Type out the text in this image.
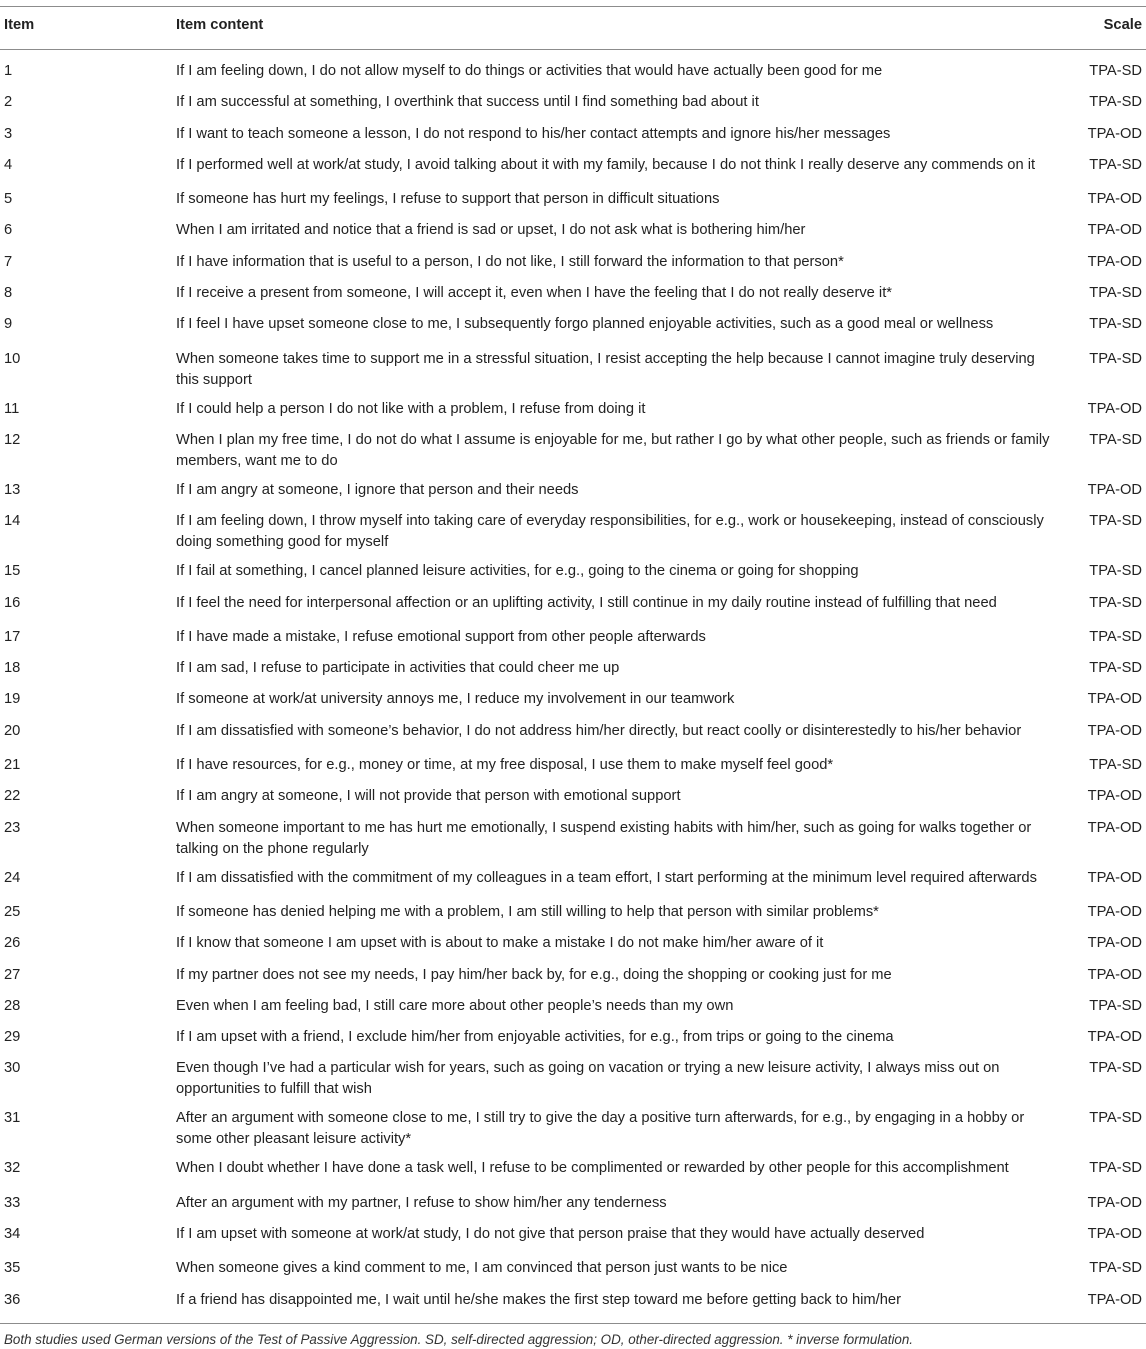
Item	Item content	Scale
1	If I am feeling down, I do not allow myself to do things or activities that would have actually been good for me	TPA-SD
2	If I am successful at something, I overthink that success until I find something bad about it	TPA-SD
3	If I want to teach someone a lesson, I do not respond to his/her contact attempts and ignore his/her messages	TPA-OD
4	If I performed well at work/at study, I avoid talking about it with my family, because I do not think I really deserve any commends on it	TPA-SD
5	If someone has hurt my feelings, I refuse to support that person in difficult situations	TPA-OD
6	When I am irritated and notice that a friend is sad or upset, I do not ask what is bothering him/her	TPA-OD
7	If I have information that is useful to a person, I do not like, I still forward the information to that person*	TPA-OD
8	If I receive a present from someone, I will accept it, even when I have the feeling that I do not really deserve it*	TPA-SD
9	If I feel I have upset someone close to me, I subsequently forgo planned enjoyable activities, such as a good meal or wellness	TPA-SD
10	When someone takes time to support me in a stressful situation, I resist accepting the help because I cannot imagine truly deserving this support	TPA-SD
11	If I could help a person I do not like with a problem, I refuse from doing it	TPA-OD
12	When I plan my free time, I do not do what I assume is enjoyable for me, but rather I go by what other people, such as friends or family members, want me to do	TPA-SD
13	If I am angry at someone, I ignore that person and their needs	TPA-OD
14	If I am feeling down, I throw myself into taking care of everyday responsibilities, for e.g., work or housekeeping, instead of consciously doing something good for myself	TPA-SD
15	If I fail at something, I cancel planned leisure activities, for e.g., going to the cinema or going for shopping	TPA-SD
16	If I feel the need for interpersonal affection or an uplifting activity, I still continue in my daily routine instead of fulfilling that need	TPA-SD
17	If I have made a mistake, I refuse emotional support from other people afterwards	TPA-SD
18	If I am sad, I refuse to participate in activities that could cheer me up	TPA-SD
19	If someone at work/at university annoys me, I reduce my involvement in our teamwork	TPA-OD
20	If I am dissatisfied with someone’s behavior, I do not address him/her directly, but react coolly or disinterestedly to his/her behavior	TPA-OD
21	If I have resources, for e.g., money or time, at my free disposal, I use them to make myself feel good*	TPA-SD
22	If I am angry at someone, I will not provide that person with emotional support	TPA-OD
23	When someone important to me has hurt me emotionally, I suspend existing habits with him/her, such as going for walks together or talking on the phone regularly	TPA-OD
24	If I am dissatisfied with the commitment of my colleagues in a team effort, I start performing at the minimum level required afterwards	TPA-OD
25	If someone has denied helping me with a problem, I am still willing to help that person with similar problems*	TPA-OD
26	If I know that someone I am upset with is about to make a mistake I do not make him/her aware of it	TPA-OD
27	If my partner does not see my needs, I pay him/her back by, for e.g., doing the shopping or cooking just for me	TPA-OD
28	Even when I am feeling bad, I still care more about other people’s needs than my own	TPA-SD
29	If I am upset with a friend, I exclude him/her from enjoyable activities, for e.g., from trips or going to the cinema	TPA-OD
30	Even though I’ve had a particular wish for years, such as going on vacation or trying a new leisure activity, I always miss out on opportunities to fulfill that wish	TPA-SD
31	After an argument with someone close to me, I still try to give the day a positive turn afterwards, for e.g., by engaging in a hobby or some other pleasant leisure activity*	TPA-SD
32	When I doubt whether I have done a task well, I refuse to be complimented or rewarded by other people for this accomplishment	TPA-SD
33	After an argument with my partner, I refuse to show him/her any tenderness	TPA-OD
34	If I am upset with someone at work/at study, I do not give that person praise that they would have actually deserved	TPA-OD
35	When someone gives a kind comment to me, I am convinced that person just wants to be nice	TPA-SD
36	If a friend has disappointed me, I wait until he/she makes the first step toward me before getting back to him/her	TPA-OD
Both studies used German versions of the Test of Passive Aggression. SD, self-directed aggression; OD, other-directed aggression. * inverse formulation.
